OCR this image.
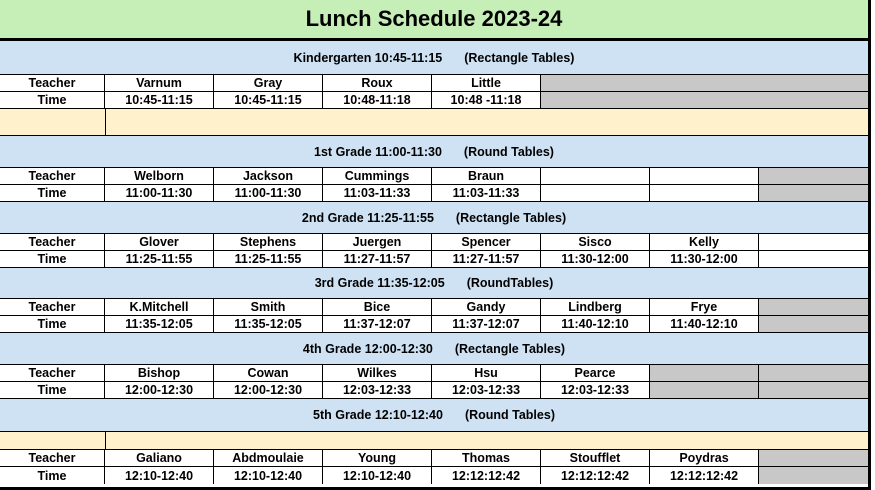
Lunch Schedule 2023-24
Kindergarten 10:45-11:15 (Rectangle Tables)
Teacher	Varnum	Gray	Roux	Little
Time	10:45-11:15	10:45-11:15	10:48-11:18	10:48 -11:18
1st Grade 11:00-11:30 (Round Tables)
Teacher	Welborn	Jackson	Cummings	Braun
Time	11:00-11:30	11:00-11:30	11:03-11:33	11:03-11:33
2nd Grade 11:25-11:55 (Rectangle Tables)
Teacher	Glover	Stephens	Juergen	Spencer	Sisco	Kelly
Time	11:25-11:55	11:25-11:55	11:27-11:57	11:27-11:57	11:30-12:00	11:30-12:00
3rd Grade 11:35-12:05 (RoundTables)
Teacher	K.Mitchell	Smith	Bice	Gandy	Lindberg	Frye
Time	11:35-12:05	11:35-12:05	11:37-12:07	11:37-12:07	11:40-12:10	11:40-12:10
4th Grade 12:00-12:30 (Rectangle Tables)
Teacher	Bishop	Cowan	Wilkes	Hsu	Pearce
Time	12:00-12:30	12:00-12:30	12:03-12:33	12:03-12:33	12:03-12:33
5th Grade 12:10-12:40 (Round Tables)
Teacher	Galiano	Abdmoulaie	Young	Thomas	Stoufflet	Poydras
Time	12:10-12:40	12:10-12:40	12:10-12:40	12:12:12:42	12:12:12:42	12:12:12:42
